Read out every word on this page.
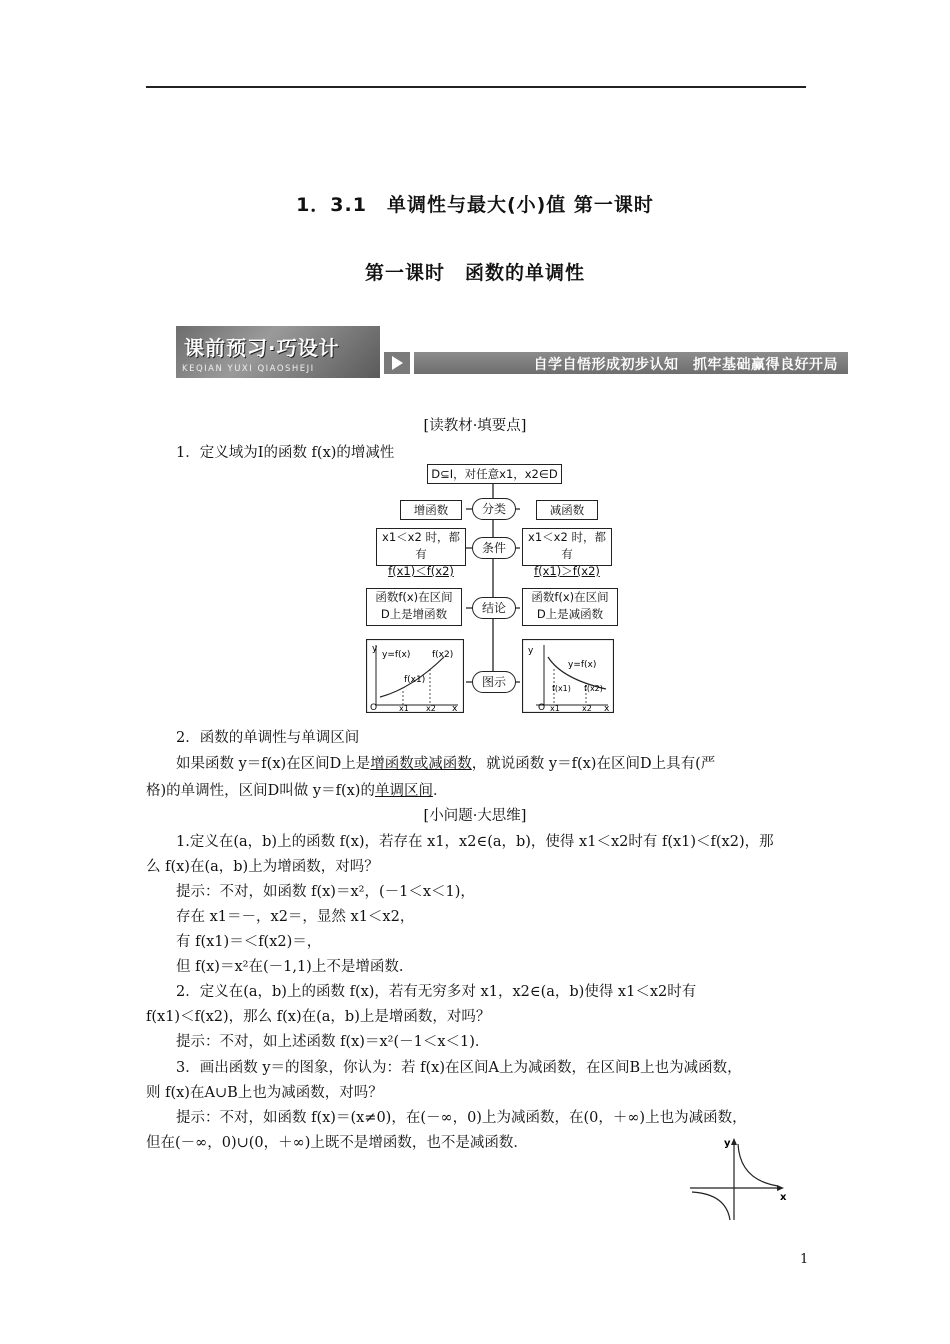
1．3.1　单调性与最大(小)值 第一课时
第一课时　函数的单调性
课前预习·巧设计
KEQIAN YUXI QIAOSHEJI	自学自悟形成初步认知　抓牢基础赢得良好开局
[读教材·填要点]
1．定义域为I的函数 f(x)的增减性
D⊆I，对任意x1，x2∈D
增函数	分类	减函数
x1＜x2 时，都有
f(x1)＜f(x2)
条件
x1＜x2 时，都有
f(x1)＞f(x2)
函数f(x)在区间
D上是增函数	结论
函数f(x)在区间
D上是减函数
图示
y
y=f(x) f(x2)
f(x1)
O	x1 x2 x
y
y=f(x)
f(x1) f(x2)
O x1	x2 x
2．函数的单调性与单调区间
如果函数 y＝f(x)在区间D上是增函数或减函数，就说函数 y＝f(x)在区间D上具有(严
格)的单调性，区间D叫做 y＝f(x)的单调区间．
[小问题·大思维]
1.定义在(a，b)上的函数 f(x)，若存在 x1，x2∈(a，b)，使得 x1＜x2时有 f(x1)＜f(x2)，那
么 f(x)在(a，b)上为增函数，对吗？
提示：不对，如函数 f(x)＝x²，(－1＜x＜1)，
存在 x1＝－，x2＝，显然 x1＜x2，
有 f(x1)＝＜f(x2)＝，
但 f(x)＝x²在(－1,1)上不是增函数.
2．定义在(a，b)上的函数 f(x)，若有无穷多对 x1，x2∈(a，b)使得 x1＜x2时有
f(x1)＜f(x2)，那么 f(x)在(a，b)上是增函数，对吗？
提示：不对，如上述函数 f(x)＝x²(－1＜x＜1)．
3．画出函数 y＝的图象，你认为：若 f(x)在区间A上为减函数，在区间B上也为减函数，
则 f(x)在A∪B上也为减函数，对吗？
提示：不对，如函数 f(x)＝(x≠0)，在(－∞，0)上为减函数，在(0，＋∞)上也为减函数，
但在(－∞，0)∪(0，＋∞)上既不是增函数，也不是减函数．	y
x
1
